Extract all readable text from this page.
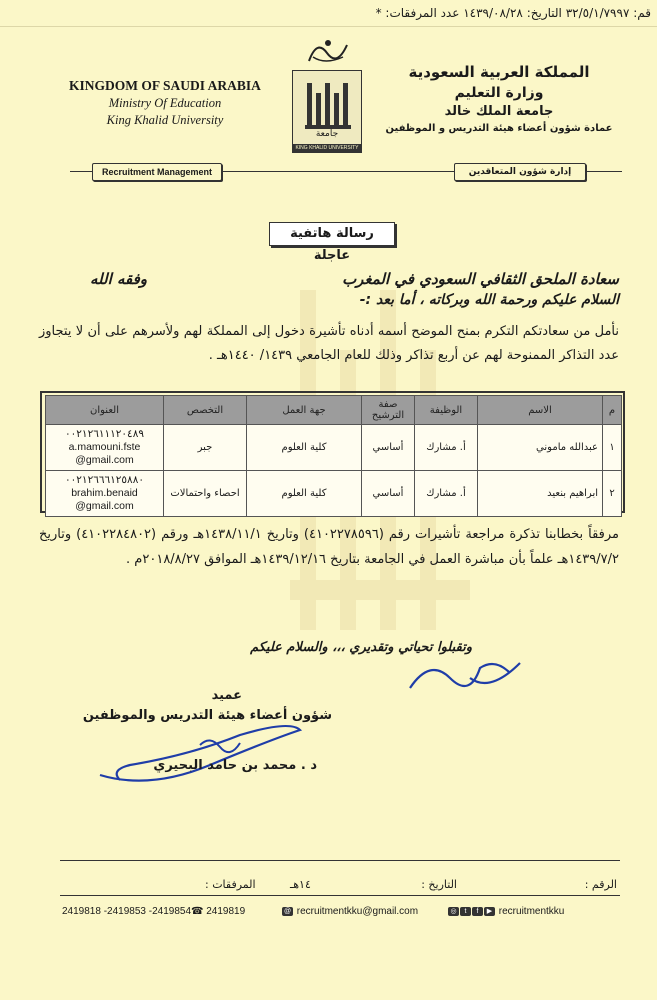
قم: ٣٢/٥/١/٧٩٩٧ التاريخ: ١٤٣٩/٠٨/٢٨ عدد المرفقات: *
جامعة
KING KHALID UNIVERSITY
KINGDOM OF SAUDI ARABIA
Ministry Of Education
King Khalid University
المملكة العربية السعودية
وزارة التعليم
جامعة الملك خالد
عمادة شؤون أعضاء هيئة التدريس و الموظفين
Recruitment Management	إدارة شؤون المتعاقدين
رسالة هاتفية عاجلة
سعادة الملحق الثقافي السعودي في المغرب
وفقه الله
السلام عليكم ورحمة الله وبركاته ، أما بعد :-
نأمل من سعادتكم التكرم بمنح الموضح أسمه أدناه تأشيرة دخول إلى المملكة لهم ولأسرهم على أن لا يتجاوز عدد التذاكر الممنوحة لهم عن أربع تذاكر وذلك للعام الجامعي ١٤٣٩/ ١٤٤٠هـ .
م	الاسم	الوظيفة	صفة الترشيح	جهة العمل	التخصص	العنوان
١	عبدالله ماموني	أ. مشارك	أساسي	كلية العلوم	جبر	٠٠٢١٢٦١١١٢٠٤٨٩
a.mamouni.fste @gmail.com

٢	ابراهيم بنعيد	أ. مشارك	أساسي	كلية العلوم	احصاء واحتمالات	٠٠٢١٢٦٦٦١٢٥٨٨٠
brahim.benaid @gmail.com
مرفقاً بخطابنا تذكرة مراجعة تأشيرات رقم (٤١٠٢٢٧٨٥٩٦) وتاريخ ١٤٣٨/١١/١هـ ورقم (٤١٠٢٢٨٤٨٠٢) وتاريخ ١٤٣٩/٧/٢هـ علماً بأن مباشرة العمل في الجامعة بتاريخ ١٤٣٩/١٢/١٦هـ الموافق ٢٠١٨/٨/٢٧م .
وتقبلوا تحياتي وتقديري ،،، والسلام عليكم
عميد
شؤون أعضاء هيئة التدريس والموظفين
د . محمد بن حامد البحيري
الرقم :
التاريخ :
١٤هـ
المرفقات :
2419818 -2419853 -2419854☎ 2419819	@ recruitmentkku@gmail.com	◎ t f ▶ recruitmentkku
